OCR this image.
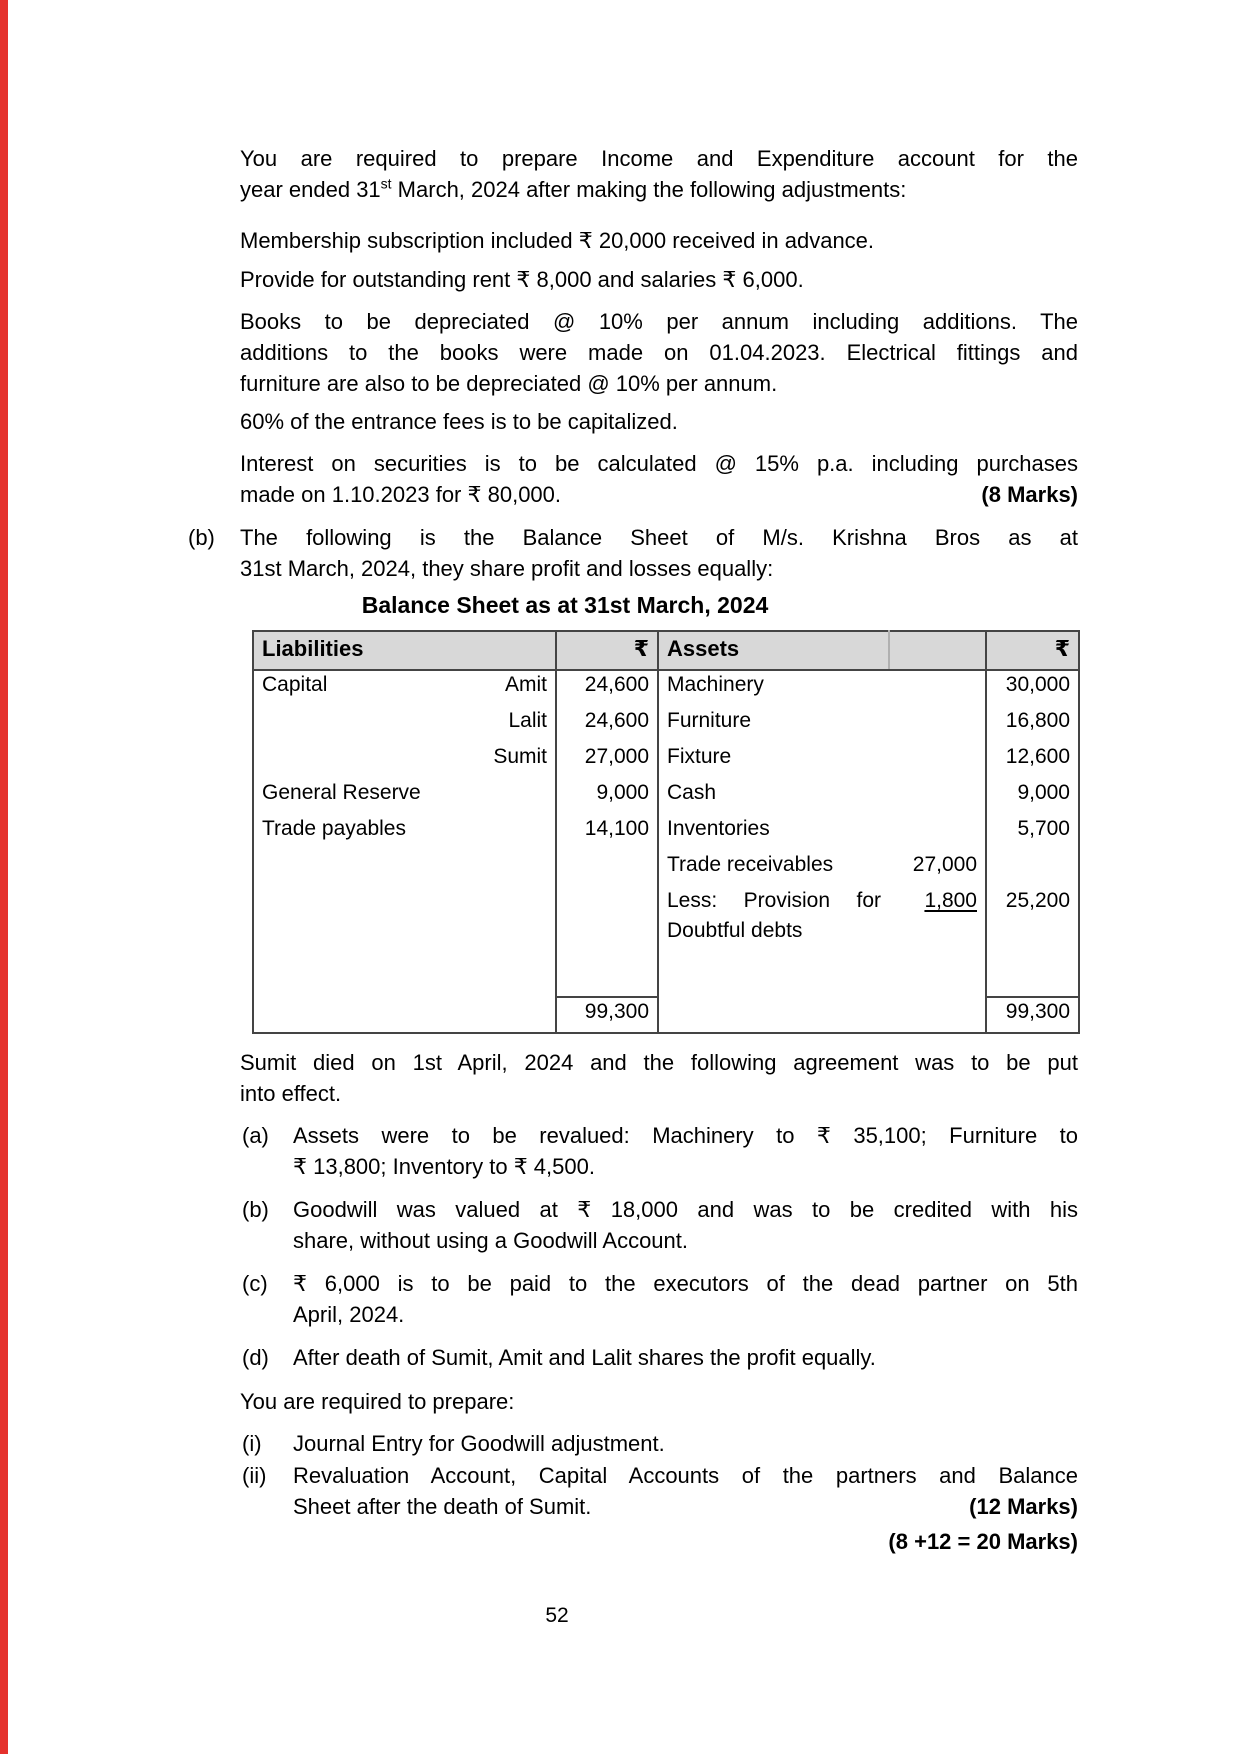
You are required to prepare Income and Expenditure account for the
year ended 31st March, 2024 after making the following adjustments:
Membership subscription included ₹ 20,000 received in advance.
Provide for outstanding rent ₹ 8,000 and salaries ₹ 6,000.
Books to be depreciated @ 10% per annum including additions. The
additions to the books were made on 01.04.2023. Electrical fittings and
furniture are also to be depreciated @ 10% per annum.
60% of the entrance fees is to be capitalized.
Interest on securities is to be calculated @ 15% p.a. including purchases
made on 1.10.2023 for ₹ 80,000.	(8 Marks)
(b) The following is the Balance Sheet of M/s. Krishna Bros as at
31st March, 2024, they share profit and losses equally:
Balance Sheet as at 31st March, 2024
Liabilities	₹	Assets		₹

Capital Amit	24,600	Machinery		30,000

Lalit	24,600	Furniture		16,800

Sumit	27,000	Fixture		12,600

General Reserve	9,000	Cash		9,000

Trade payables	14,100	Inventories		5,700
		Trade receivables	27,000	

		Less: Provision for
Doubtful debts	1,800	25,200

	99,300			99,300
Sumit died on 1st April, 2024 and the following agreement was to be put
into effect.
(a) Assets were to be revalued: Machinery to ₹ 35,100; Furniture to
₹ 13,800; Inventory to ₹ 4,500.
(b) Goodwill was valued at ₹ 18,000 and was to be credited with his
share, without using a Goodwill Account.
(c) ₹ 6,000 is to be paid to the executors of the dead partner on 5th
April, 2024.
(d) After death of Sumit, Amit and Lalit shares the profit equally.
You are required to prepare:
(i) Journal Entry for Goodwill adjustment.
(ii) Revaluation Account, Capital Accounts of the partners and Balance
Sheet after the death of Sumit.	(12 Marks)
(8 +12 = 20 Marks)
52
